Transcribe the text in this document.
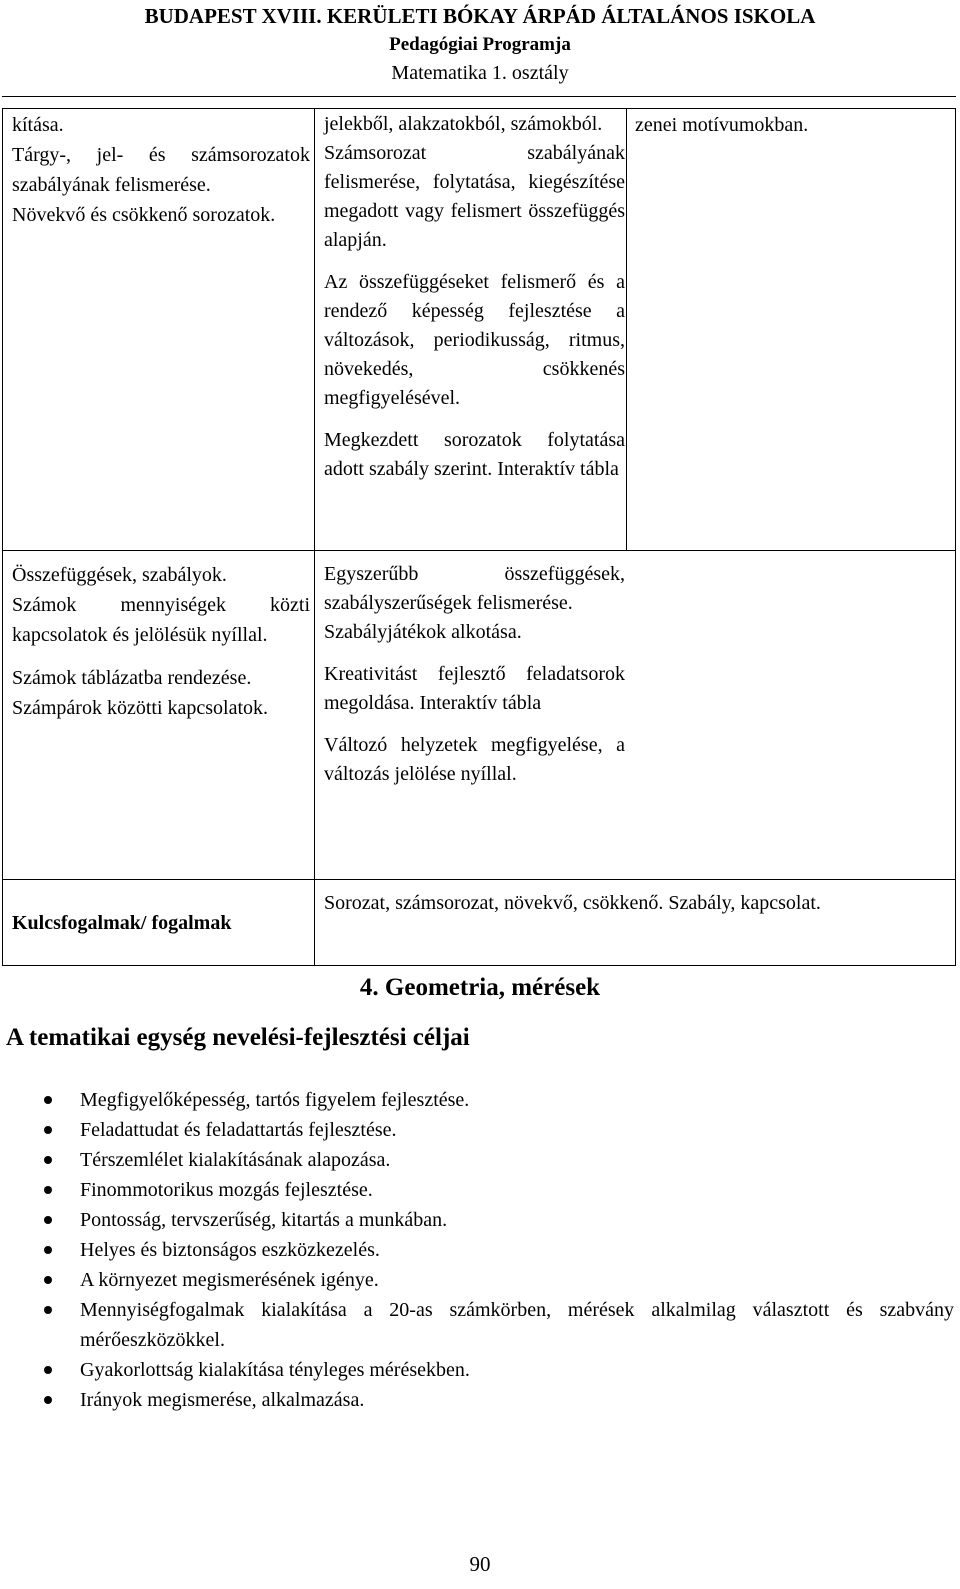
BUDAPEST XVIII. KERÜLETI BÓKAY ÁRPÁD ÁLTALÁNOS ISKOLA
Pedagógiai Programja
Matematika 1. osztály
kítása.
Tárgy-, jel- és számsorozatok szabályának felismerése.
Növekvő és csökkenő sorozatok.
jelekből, alakzatokból, számokból.
Számsorozat szabályának felismerése, folytatása, kiegészítése megadott vagy felismert összefüggés alapján.
Az összefüggéseket felismerő és a rendező képesség fejlesztése a változások, periodikusság, ritmus, növekedés, csökkenés megfigyelésével.
Megkezdett sorozatok folytatása adott szabály szerint. Interaktív tábla
zenei motívumokban.
Összefüggések, szabályok.
Számok mennyiségek közti kapcsolatok és jelölésük nyíllal.
Számok táblázatba rendezése.
Számpárok közötti kapcsolatok.
Egyszerűbb összefüggések, szabályszerűségek felismerése.
Szabályjátékok alkotása.
Kreativitást fejlesztő feladatsorok megoldása. Interaktív tábla
Változó helyzetek megfigyelése, a változás jelölése nyíllal.
Kulcsfogalmak/ fogalmak
Sorozat, számsorozat, növekvő, csökkenő. Szabály, kapcsolat.
4. Geometria, mérések
A tematikai egység nevelési-fejlesztési céljai
Megfigyelőképesség, tartós figyelem fejlesztése.
Feladattudat és feladattartás fejlesztése.
Térszemlélet kialakításának alapozása.
Finommotorikus mozgás fejlesztése.
Pontosság, tervszerűség, kitartás a munkában.
Helyes és biztonságos eszközkezelés.
A környezet megismerésének igénye.
Mennyiségfogalmak kialakítása a 20-as számkörben, mérések alkalmilag választott és szabvány mérőeszközökkel.
Gyakorlottság kialakítása tényleges mérésekben.
Irányok megismerése, alkalmazása.
90
